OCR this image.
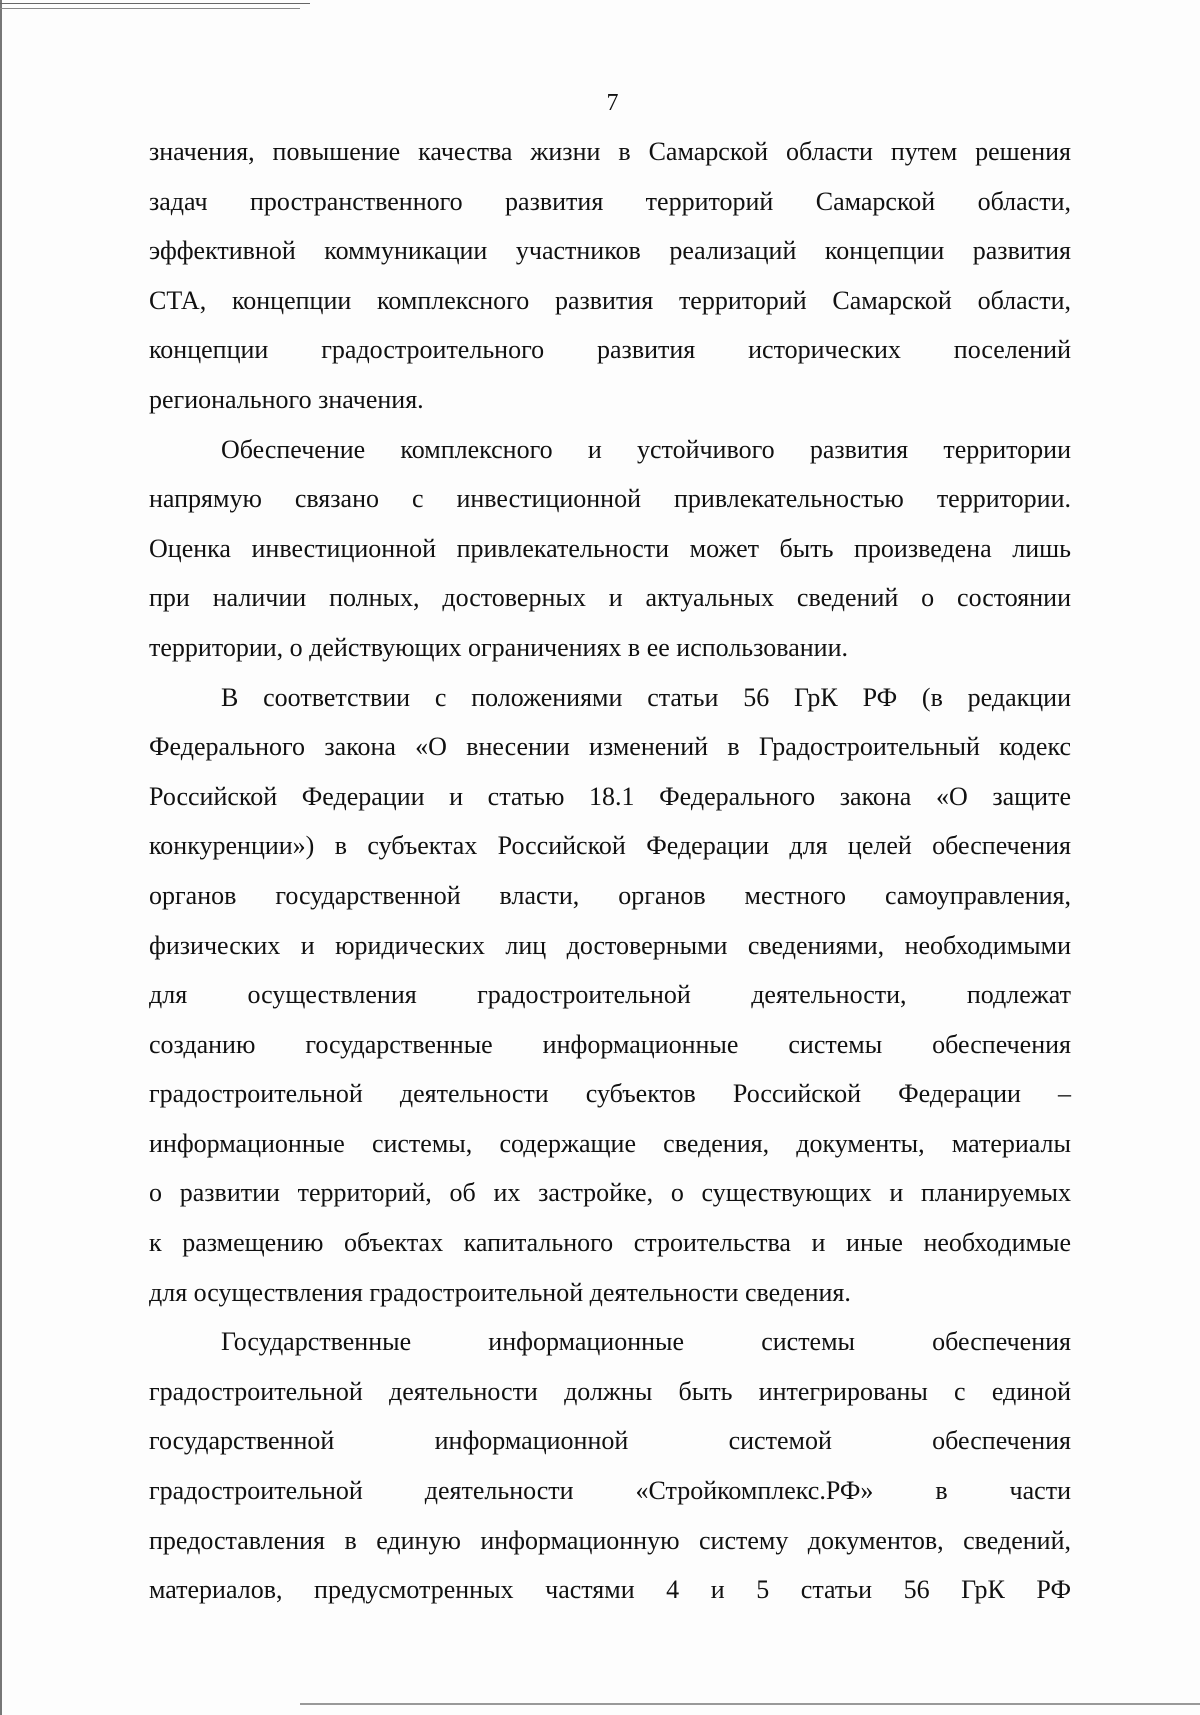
7
значения, повышение качества жизни в Самарской области путем решения
задач пространственного развития территорий Самарской области,
эффективной коммуникации участников реализаций концепции развития
СТА, концепции комплексного развития территорий Самарской области,
концепции градостроительного развития исторических поселений
регионального значения.
Обеспечение комплексного и устойчивого развития территории
напрямую связано с инвестиционной привлекательностью территории.
Оценка инвестиционной привлекательности может быть произведена лишь
при наличии полных, достоверных и актуальных сведений о состоянии
территории, о действующих ограничениях в ее использовании.
В соответствии с положениями статьи 56 ГрК РФ (в редакции
Федерального закона «О внесении изменений в Градостроительный кодекс
Российской Федерации и статью 18.1 Федерального закона «О защите
конкуренции») в субъектах Российской Федерации для целей обеспечения
органов государственной власти, органов местного самоуправления,
физических и юридических лиц достоверными сведениями, необходимыми
для осуществления градостроительной деятельности, подлежат
созданию государственные информационные системы обеспечения
градостроительной деятельности субъектов Российской Федерации –
информационные системы, содержащие сведения, документы, материалы
о развитии территорий, об их застройке, о существующих и планируемых
к размещению объектах капитального строительства и иные необходимые
для осуществления градостроительной деятельности сведения.
Государственные информационные системы обеспечения
градостроительной деятельности должны быть интегрированы с единой
государственной информационной системой обеспечения
градостроительной деятельности «Стройкомплекс.РФ» в части
предоставления в единую информационную систему документов, сведений,
материалов, предусмотренных частями 4 и 5 статьи 56 ГрК РФ
